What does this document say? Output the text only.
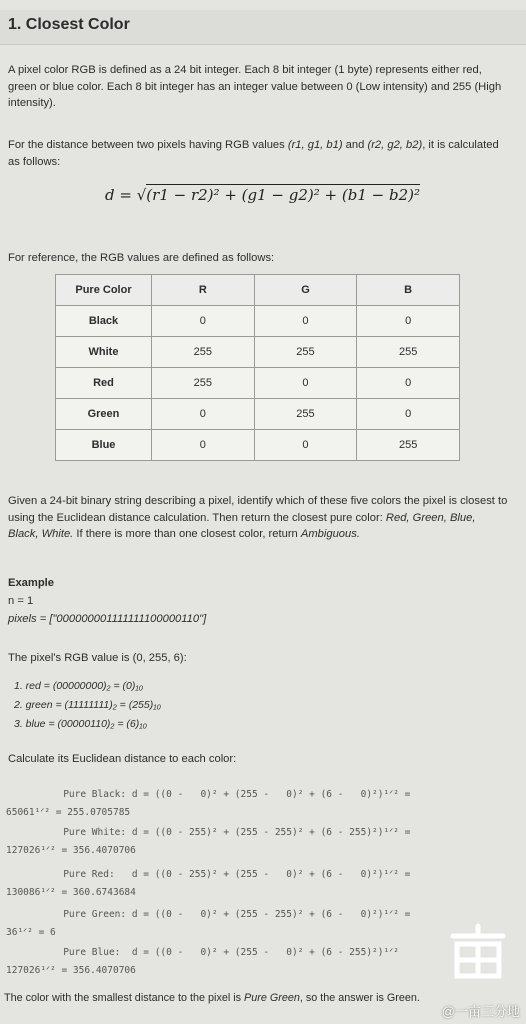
1. Closest Color
A pixel color RGB is defined as a 24 bit integer. Each 8 bit integer (1 byte) represents either red, green or blue color. Each 8 bit integer has an integer value between 0 (Low intensity) and 255 (High intensity).
For the distance between two pixels having RGB values (r1, g1, b1) and (r2, g2, b2), it is calculated as follows:
d = √(r1 − r2)² + (g1 − g2)² + (b1 − b2)²
For reference, the RGB values are defined as follows:
Pure Color	R	G	B
Black	0	0	0
White	255	255	255
Red	255	0	0
Green	0	255	0
Blue	0	0	255
Given a 24-bit binary string describing a pixel, identify which of these five colors the pixel is closest to using the Euclidean distance calculation. Then return the closest pure color: Red, Green, Blue, Black, White. If there is more than one closest color, return Ambiguous.
Example
n = 1
pixels = ["000000001111111100000110"]
The pixel's RGB value is (0, 255, 6):
1. red = (00000000)₂ = (0)₁₀
2. green = (11111111)₂ = (255)₁₀
3. blue = (00000110)₂ = (6)₁₀
Calculate its Euclidean distance to each color:

Pure Black: d = ((0 -   0)² + (255 -   0)² + (6 -   0)²)¹ᐟ² =

65061¹ᐟ² = 255.0705785

Pure White: d = ((0 - 255)² + (255 - 255)² + (6 - 255)²)¹ᐟ² =

127026¹ᐟ² = 356.4070706

Pure Red:   d = ((0 - 255)² + (255 -   0)² + (6 -   0)²)¹ᐟ² =

130086¹ᐟ² = 360.6743684

Pure Green: d = ((0 -   0)² + (255 - 255)² + (6 -   0)²)¹ᐟ² =

36¹ᐟ² = 6

Pure Blue:  d = ((0 -   0)² + (255 -   0)² + (6 - 255)²)¹ᐟ²

127026¹ᐟ² = 356.4070706

The color with the smallest distance to the pixel is Pure Green, so the answer is Green.
@一亩三分地
